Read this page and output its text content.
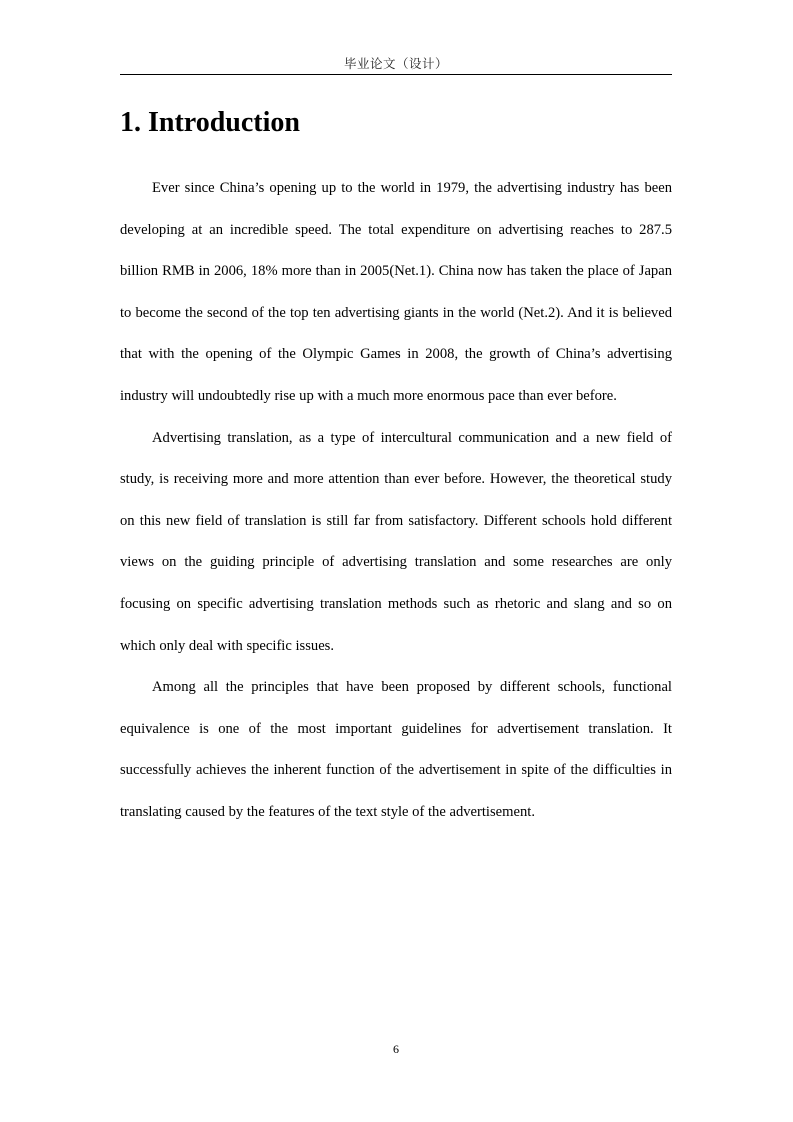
毕业论文（设计）
1. Introduction

Ever since China’s opening up to the world in 1979, the advertising industry has been developing at an incredible speed. The total expenditure on advertising reaches to 287.5 billion RMB in 2006, 18% more than in 2005(Net.1). China now has taken the place of Japan to become the second of the top ten advertising giants in the world (Net.2). And it is believed that with the opening of the Olympic Games in 2008, the growth of China’s advertising industry will undoubtedly rise up with a much more enormous pace than ever before.

Advertising translation, as a type of intercultural communication and a new field of study, is receiving more and more attention than ever before. However, the theoretical study on this new field of translation is still far from satisfactory. Different schools hold different views on the guiding principle of advertising translation and some researches are only focusing on specific advertising translation methods such as rhetoric and slang and so on which only deal with specific issues.

Among all the principles that have been proposed by different schools, functional equivalence is one of the most important guidelines for advertisement translation. It successfully achieves the inherent function of the advertisement in spite of the difficulties in translating caused by the features of the text style of the advertisement.

6
